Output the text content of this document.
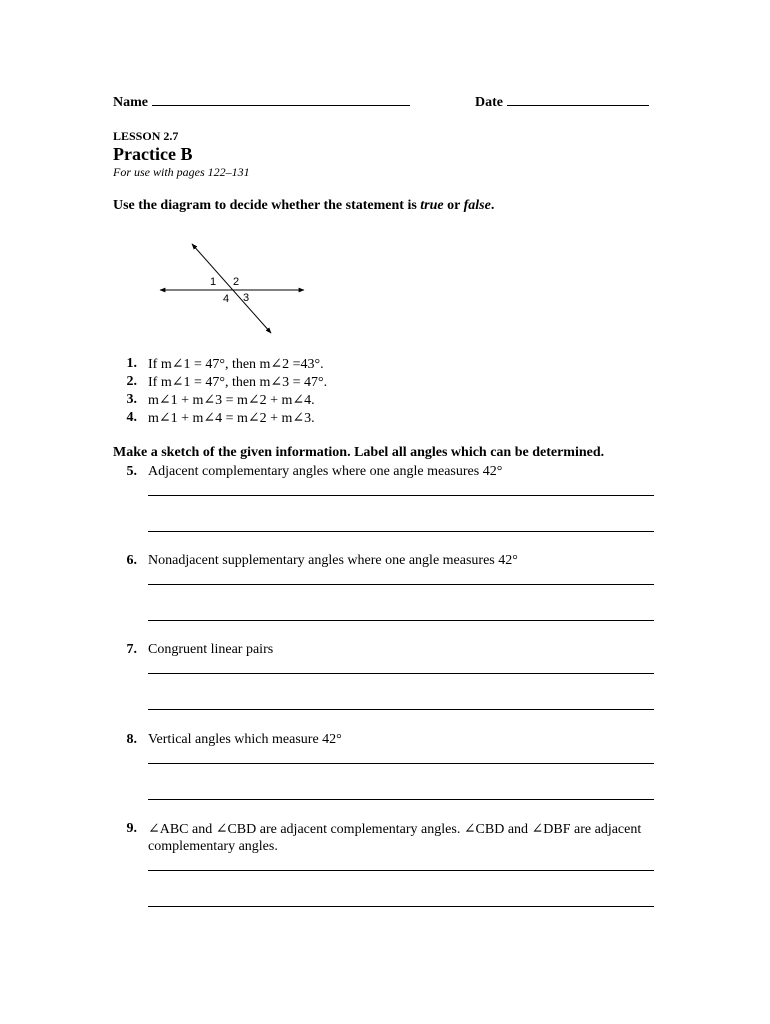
Name	Date
LESSON 2.7
Practice B
For use with pages 122–131
Use the diagram to decide whether the statement is true or false.
1 2
3
4
1. If m∠1 = 47°, then m∠2 =43°.
2. If m∠1 = 47°, then m∠3 = 47°.
3. m∠1 + m∠3 = m∠2 + m∠4.
4. m∠1 + m∠4 = m∠2 + m∠3.
Make a sketch of the given information. Label all angles which can be determined.
5. Adjacent complementary angles where one angle measures 42°
6. Nonadjacent supplementary angles where one angle measures 42°
7. Congruent linear pairs
8. Vertical angles which measure 42°
9. ∠ABC and ∠CBD are adjacent complementary angles. ∠CBD and ∠DBF are adjacent
complementary angles.
